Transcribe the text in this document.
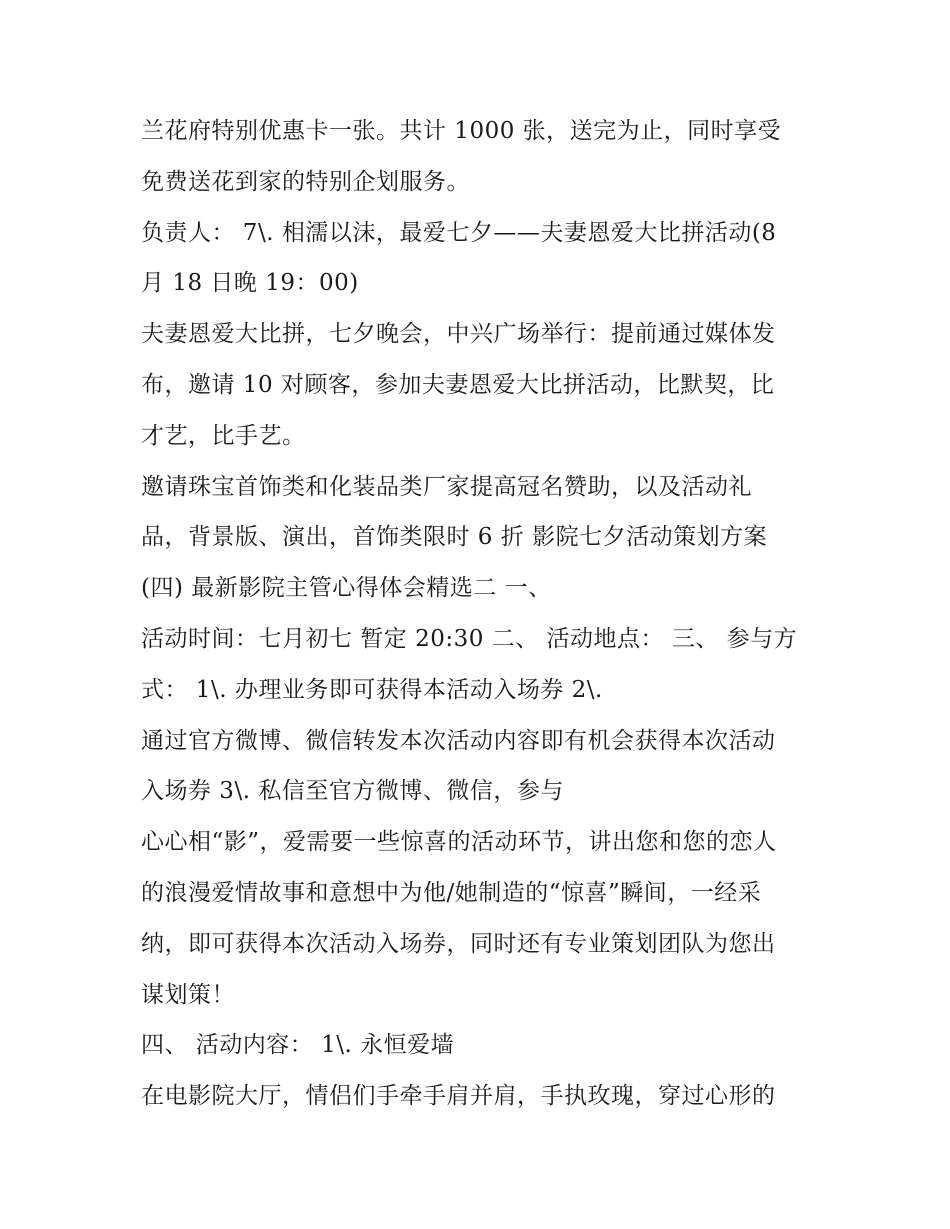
兰花府特别优惠卡一张。共计 1000 张，送完为止，同时享受
免费送花到家的特别企划服务。
负责人： 7\. 相濡以沫，最爱七夕——夫妻恩爱大比拼活动(8
月 18 日晚 19：00)
夫妻恩爱大比拼，七夕晚会，中兴广场举行：提前通过媒体发
布，邀请 10 对顾客，参加夫妻恩爱大比拼活动，比默契，比
才艺，比手艺。
邀请珠宝首饰类和化装品类厂家提高冠名赞助，以及活动礼
品，背景版、演出，首饰类限时 6 折 影院七夕活动策划方案
(四) 最新影院主管心得体会精选二 一、
活动时间：七月初七 暂定 20:30 二、 活动地点： 三、 参与方
式： 1\. 办理业务即可获得本活动入场券 2\.
通过官方微博、微信转发本次活动内容即有机会获得本次活动
入场券 3\. 私信至官方微博、微信，参与
心心相“影”，爱需要一些惊喜的活动环节，讲出您和您的恋人
的浪漫爱情故事和意想中为他/她制造的“惊喜”瞬间，一经采
纳，即可获得本次活动入场券，同时还有专业策划团队为您出
谋划策！
四、 活动内容： 1\. 永恒爱墙
在电影院大厅，情侣们手牵手肩并肩，手执玫瑰，穿过心形的
